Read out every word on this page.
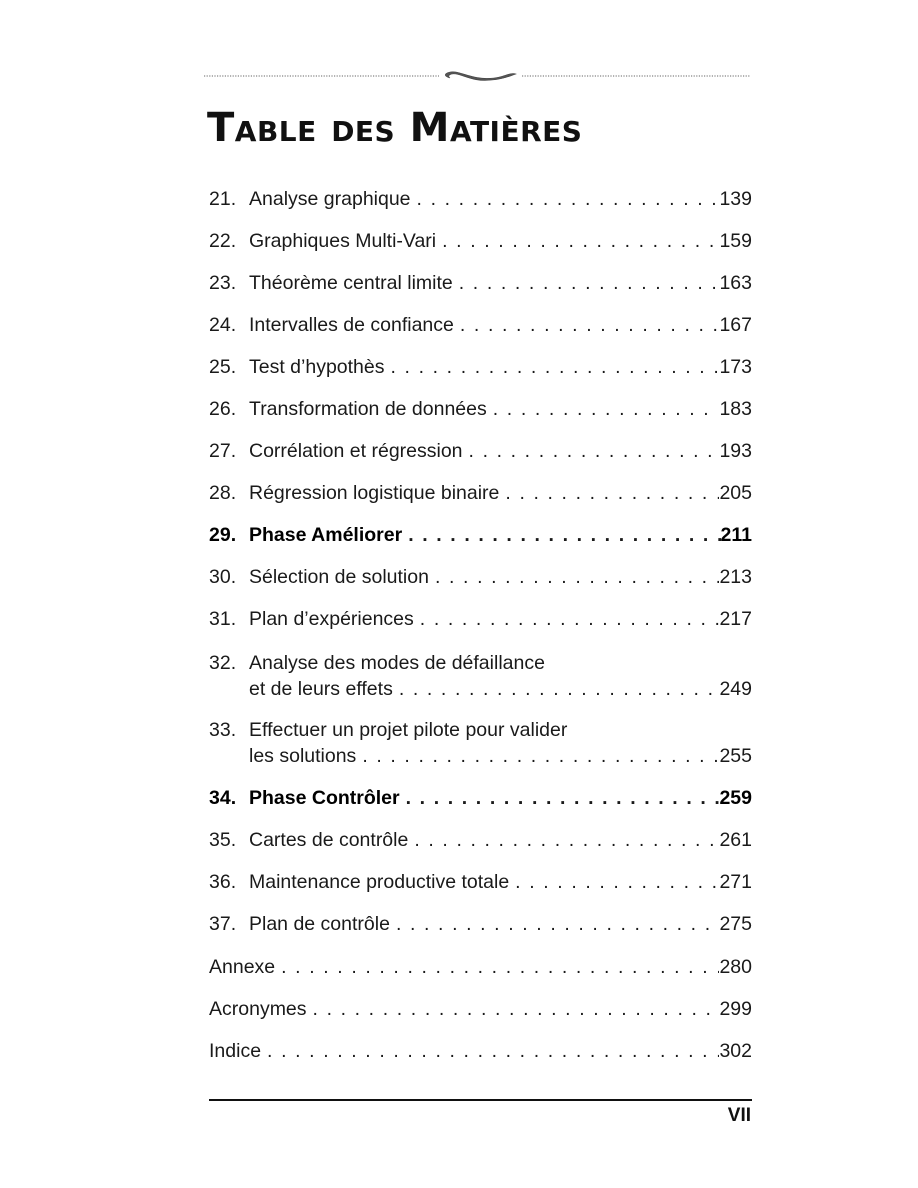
Table des Matières
21. Analyse graphique . . .	139
22. Graphiques Multi-Vari . . .	159
23. Théorème central limite . . .	163
24. Intervalles de confiance . . .	167
25. Test d’hypothès . . .	173
26. Transformation de données . . .	183
27. Corrélation et régression . . .	193
28. Régression logistique binaire . . .	205
29. Phase Améliorer . . .	211
30. Sélection de solution . . .	213
31. Plan d’expériences . . .	217
32. Analyse des modes de défaillance
et de leurs effets . . .	249
33. Effectuer un projet pilote pour valider
les solutions . . .	255
34. Phase Contrôler . . .	259
35. Cartes de contrôle . . .	261
36. Maintenance productive totale . . .	271
37. Plan de contrôle . . .	275
Annexe . . .	280
Acronymes . . .	299
Indice . . .	302
VII
